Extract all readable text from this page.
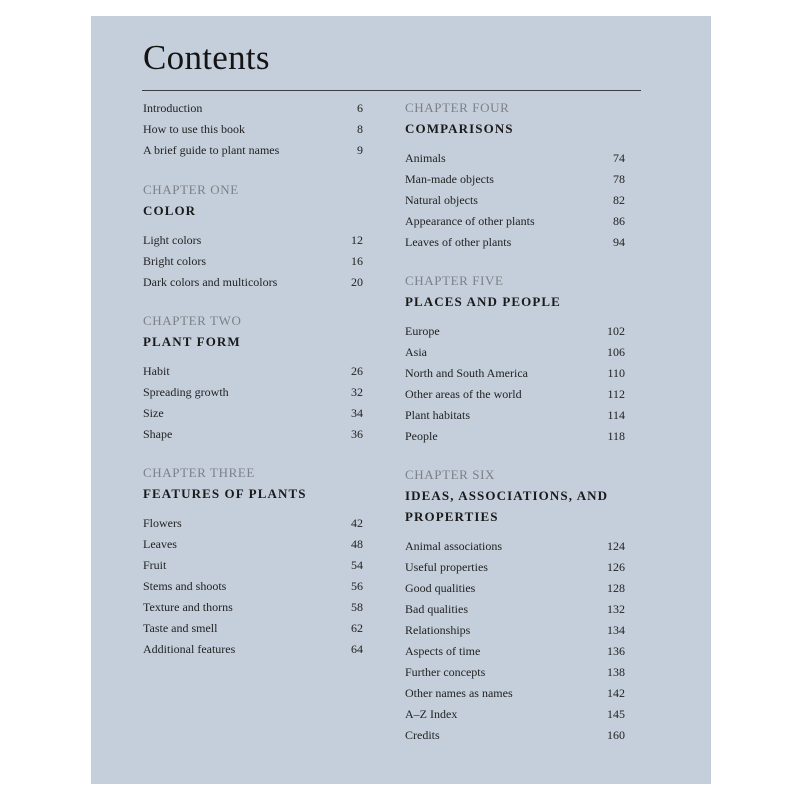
Contents
Introduction	6
How to use this book	8
A brief guide to plant names	9
CHAPTER ONE
COLOR
Light colors	12
Bright colors	16
Dark colors and multicolors	20
CHAPTER TWO
PLANT FORM
Habit	26
Spreading growth	32
Size	34
Shape	36
CHAPTER THREE
FEATURES OF PLANTS
Flowers	42
Leaves	48
Fruit	54
Stems and shoots	56
Texture and thorns	58
Taste and smell	62
Additional features	64
CHAPTER FOUR
COMPARISONS
Animals	74
Man-made objects	78
Natural objects	82
Appearance of other plants	86
Leaves of other plants	94
CHAPTER FIVE
PLACES AND PEOPLE
Europe	102
Asia	106
North and South America	110
Other areas of the world	112
Plant habitats	114
People	118
CHAPTER SIX
IDEAS, ASSOCIATIONS, AND PROPERTIES
Animal associations	124
Useful properties	126
Good qualities	128
Bad qualities	132
Relationships	134
Aspects of time	136
Further concepts	138
Other names as names	142
A–Z Index	145
Credits	160
